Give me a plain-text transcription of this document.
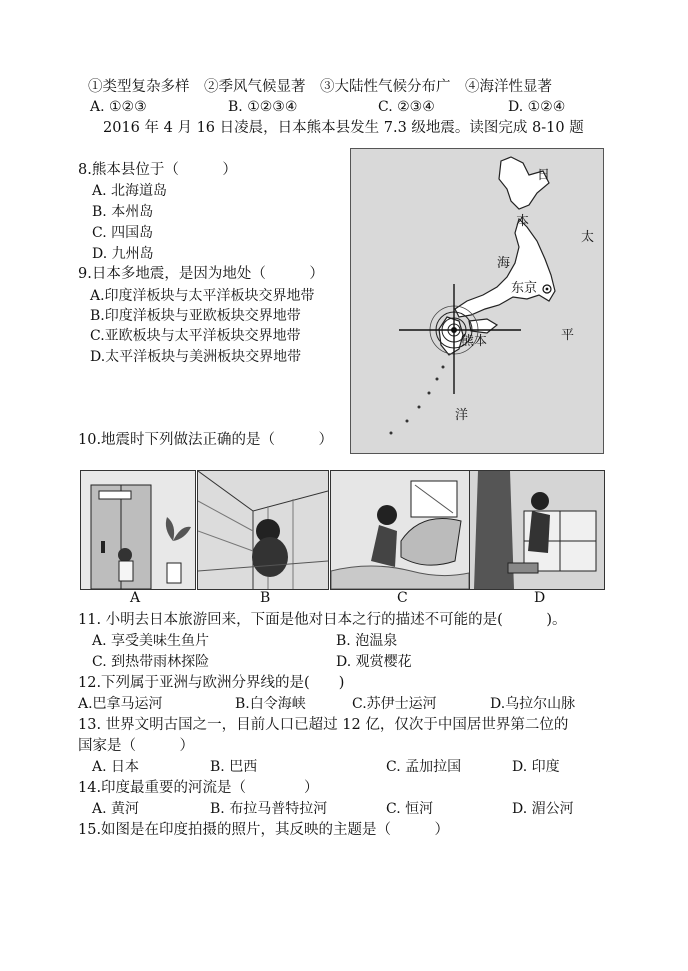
①类型复杂多样　②季风气候显著　③大陆性气候分布广　④海洋性显著
A. ①②③	B. ①②③④	C. ②③④	D. ①②④
2016 年 4 月 16 日凌晨，日本熊本县发生 7.3 级地震。读图完成 8-10 题
8.熊本县位于（　　　）
A. 北海道岛
B. 本州岛
C. 四国岛
D. 九州岛
9.日本多地震，是因为地处（　　　）
A.印度洋板块与太平洋板块交界地带
B.印度洋板块与亚欧板块交界地带
C.亚欧板块与太平洋板块交界地带
D.太平洋板块与美洲板块交界地带
日
本
海
太
平
洋
东京
熊本
10.地震时下列做法正确的是（　　　）
A	B	C	D
11. 小明去日本旅游回来，下面是他对日本之行的描述不可能的是(　　　)。
A. 享受美味生鱼片	B. 泡温泉
C. 到热带雨林探险	D. 观赏樱花
12.下列属于亚洲与欧洲分界线的是(　　)
A.巴拿马运河	B.白令海峡	C.苏伊士运河	D.乌拉尔山脉
13. 世界文明古国之一，目前人口已超过 12 亿，仅次于中国居世界第二位的
国家是（　　　）
A. 日本	B. 巴西	C. 孟加拉国	D. 印度
14.印度最重要的河流是（　　　　）
A. 黄河	B. 布拉马普特拉河	C. 恒河	D. 湄公河
15.如图是在印度拍摄的照片，其反映的主题是（　　　）
